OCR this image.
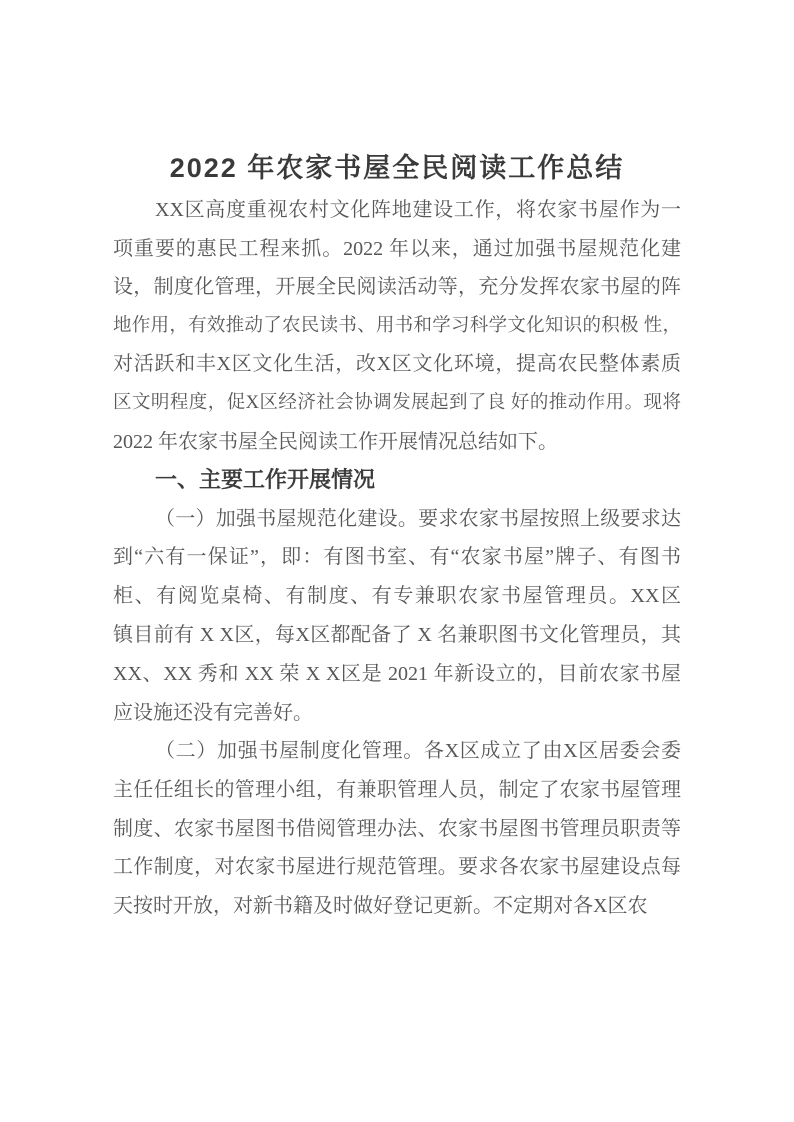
2022 年农家书屋全民阅读工作总结
XX区高度重视农村文化阵地建设工作，将农家书屋作为一
项重要的惠民工程来抓。2022 年以来，通过加强书屋规范化建
设，制度化管理，开展全民阅读活动等，充分发挥农家书屋的阵
地作用，有效推动了农民读书、用书和学习科学文化知识的积极 性，
对活跃和丰X区文化生活，改X区文化环境，提高农民整体素质
区文明程度，促X区经济社会协调发展起到了良 好的推动作用。现将
2022 年农家书屋全民阅读工作开展情况总结如下。
一、主要工作开展情况
（一）加强书屋规范化建设。要求农家书屋按照上级要求达
到“六有一保证”，即：有图书室、有“农家书屋”牌子、有图书
柜、有阅览桌椅、有制度、有专兼职农家书屋管理员。XX区
镇目前有 X X区，每X区都配备了 X 名兼职图书文化管理员，其
XX、XX 秀和 XX 荣 X X区是 2021 年新设立的，目前农家书屋
应设施还没有完善好。
（二）加强书屋制度化管理。各X区成立了由X区居委会委
主任任组长的管理小组，有兼职管理人员，制定了农家书屋管理
制度、农家书屋图书借阅管理办法、农家书屋图书管理员职责等
工作制度，对农家书屋进行规范管理。要求各农家书屋建设点每
天按时开放，对新书籍及时做好登记更新。不定期对各X区农
